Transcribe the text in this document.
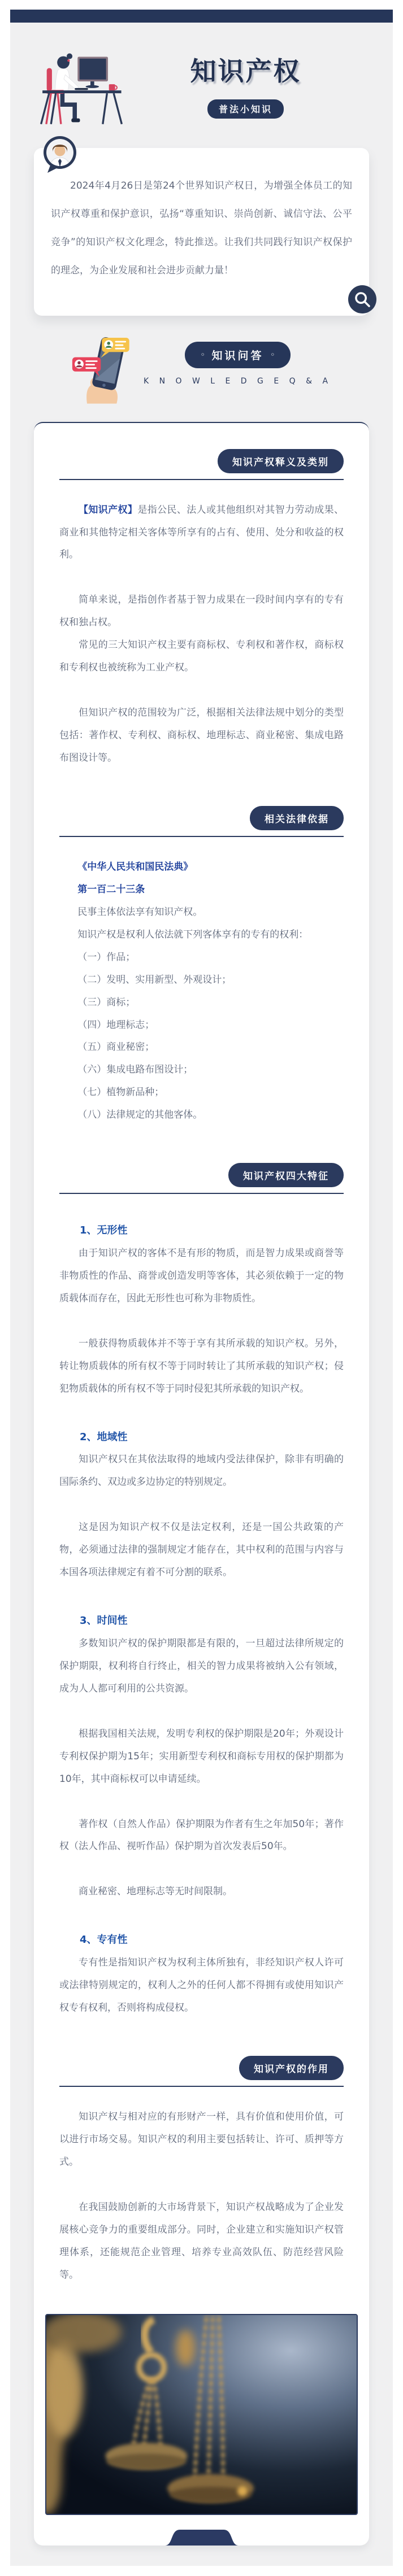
知识产权
普法小知识

2024年4月26日是第24个世界知识产权日，为增强全体员工的知识产权尊重和保护意识，弘扬“尊重知识、崇尚创新、诚信守法、公平竞争”的知识产权文化理念，特此推送。让我们共同践行知识产权保护的理念，为企业发展和社会进步贡献力量！

◦ 知识问答 ◦
K N O W L E D G E Q & A
知识产权释义及类别

【知识产权】是指公民、法人或其他组织对其智力劳动成果、商业和其他特定相关客体等所享有的占有、使用、处分和收益的权利。

简单来说，是指创作者基于智力成果在一段时间内享有的专有权和独占权。

常见的三大知识产权主要有商标权、专利权和著作权，商标权和专利权也被统称为工业产权。

但知识产权的范围较为广泛，根据相关法律法规中划分的类型包括：著作权、专利权、商标权、地理标志、商业秘密、集成电路布图设计等。

相关法律依据
《中华人民共和国民法典》
第一百二十三条
民事主体依法享有知识产权。
知识产权是权利人依法就下列客体享有的专有的权利：
（一）作品；
（二）发明、实用新型、外观设计；
（三）商标；
（四）地理标志；
（五）商业秘密；
（六）集成电路布图设计；
（七）植物新品种；
（八）法律规定的其他客体。
知识产权四大特征
1、无形性

由于知识产权的客体不是有形的物质，而是智力成果或商誉等非物质性的作品、商誉或创造发明等客体，其必须依赖于一定的物质载体而存在，因此无形性也可称为非物质性。

一般获得物质载体并不等于享有其所承载的知识产权。另外，转让物质载体的所有权不等于同时转让了其所承载的知识产权；侵犯物质载体的所有权不等于同时侵犯其所承载的知识产权。

2、地域性

知识产权只在其依法取得的地域内受法律保护，除非有明确的国际条约、双边或多边协定的特别规定。

这是因为知识产权不仅是法定权利，还是一国公共政策的产物，必须通过法律的强制规定才能存在，其中权利的范围与内容与本国各项法律规定有着不可分割的联系。

3、时间性

多数知识产权的保护期限都是有限的，一旦超过法律所规定的保护期限，权利将自行终止，相关的智力成果将被纳入公有领域，成为人人都可利用的公共资源。

根据我国相关法规，发明专利权的保护期限是20年；外观设计专利权保护期为15年；实用新型专利权和商标专用权的保护期都为10年，其中商标权可以申请延续。

著作权（自然人作品）保护期限为作者有生之年加50年；著作权（法人作品、视听作品）保护期为首次发表后50年。

商业秘密、地理标志等无时间限制。

4、专有性

专有性是指知识产权为权利主体所独有，非经知识产权人许可或法律特别规定的，权利人之外的任何人都不得拥有或使用知识产权专有权利，否则将构成侵权。

知识产权的作用

知识产权与相对应的有形财产一样，具有价值和使用价值，可以进行市场交易。知识产权的利用主要包括转让、许可、质押等方式。

在我国鼓励创新的大市场背景下，知识产权战略成为了企业发展核心竞争力的重要组成部分。同时，企业建立和实施知识产权管理体系，还能规范企业管理、培养专业高效队伍、防范经营风险等。
